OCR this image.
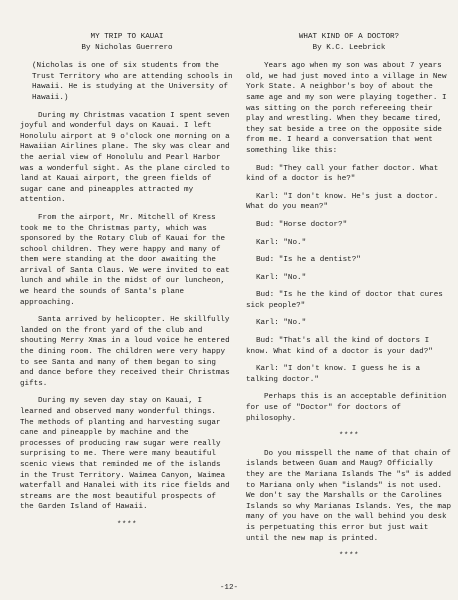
MY TRIP TO KAUAI

By Nicholas Guerrero

(Nicholas is one of six students from the Trust Territory who are attending schools in Hawaii. He is studying at the University of Hawaii.)

During my Christmas vacation I spent seven joyful and wonderful days on Kauai. I left Honolulu airport at 9 o'clock one morning on a Hawaiian Airlines plane. The sky was clear and the aerial view of Honolulu and Pearl Harbor was a wonderful sight. As the plane circled to land at Kauai airport, the green fields of sugar cane and pineapples attracted my attention.

From the airport, Mr. Mitchell of Kress took me to the Christmas party, which was sponsored by the Rotary Club of Kauai for the school children. They were happy and many of them were standing at the door awaiting the arrival of Santa Claus. We were invited to eat lunch and while in the midst of our luncheon, we heard the sounds of Santa's plane approaching.

Santa arrived by helicopter. He skillfully landed on the front yard of the club and shouting Merry Xmas in a loud voice he entered the dining room. The children were very happy to see Santa and many of them began to sing and dance before they received their Christmas gifts.

During my seven day stay on Kauai, I learned and observed many wonderful things. The methods of planting and harvesting sugar cane and pineapple by machine and the processes of producing raw sugar were really surprising to me. There were many beautiful scenic views that reminded me of the islands in the Trust Territory. Waimea Canyon, Waimea waterfall and Hanalei with its rice fields and streams are the most beautiful prospects of the Garden Island of Hawaii.

****

WHAT KIND OF A DOCTOR?

By K.C. Leebrick

Years ago when my son was about 7 years old, we had just moved into a village in New York State. A neighbor's boy of about the same age and my son were playing together. I was sitting on the porch refereeing their play and wrestling. When they became tired, they sat beside a tree on the opposite side from me. I heard a conversation that went something like this:

Bud: "They call your father doctor. What kind of a doctor is he?"

Karl: "I don't know. He's just a doctor. What do you mean?"

Bud: "Horse doctor?"

Karl: "No."

Bud: "Is he a dentist?"

Karl: "No."

Bud: "Is he the kind of doctor that cures sick people?"

Karl: "No."

Bud: "That's all the kind of doctors I know. What kind of a doctor is your dad?"

Karl: "I don't know. I guess he is a talking doctor."

Perhaps this is an acceptable definition for use of "Doctor" for doctors of philosophy.

****

Do you misspell the name of that chain of islands between Guam and Maug? Officially they are the Mariana Islands The "s" is added to Mariana only when "islands" is not used. We don't say the Marshalls or the Carolines Islands so why Marianas Islands. Yes, the map many of you have on the wall behind you desk is perpetuating this error but just wait until the new map is printed.

****

-12-
